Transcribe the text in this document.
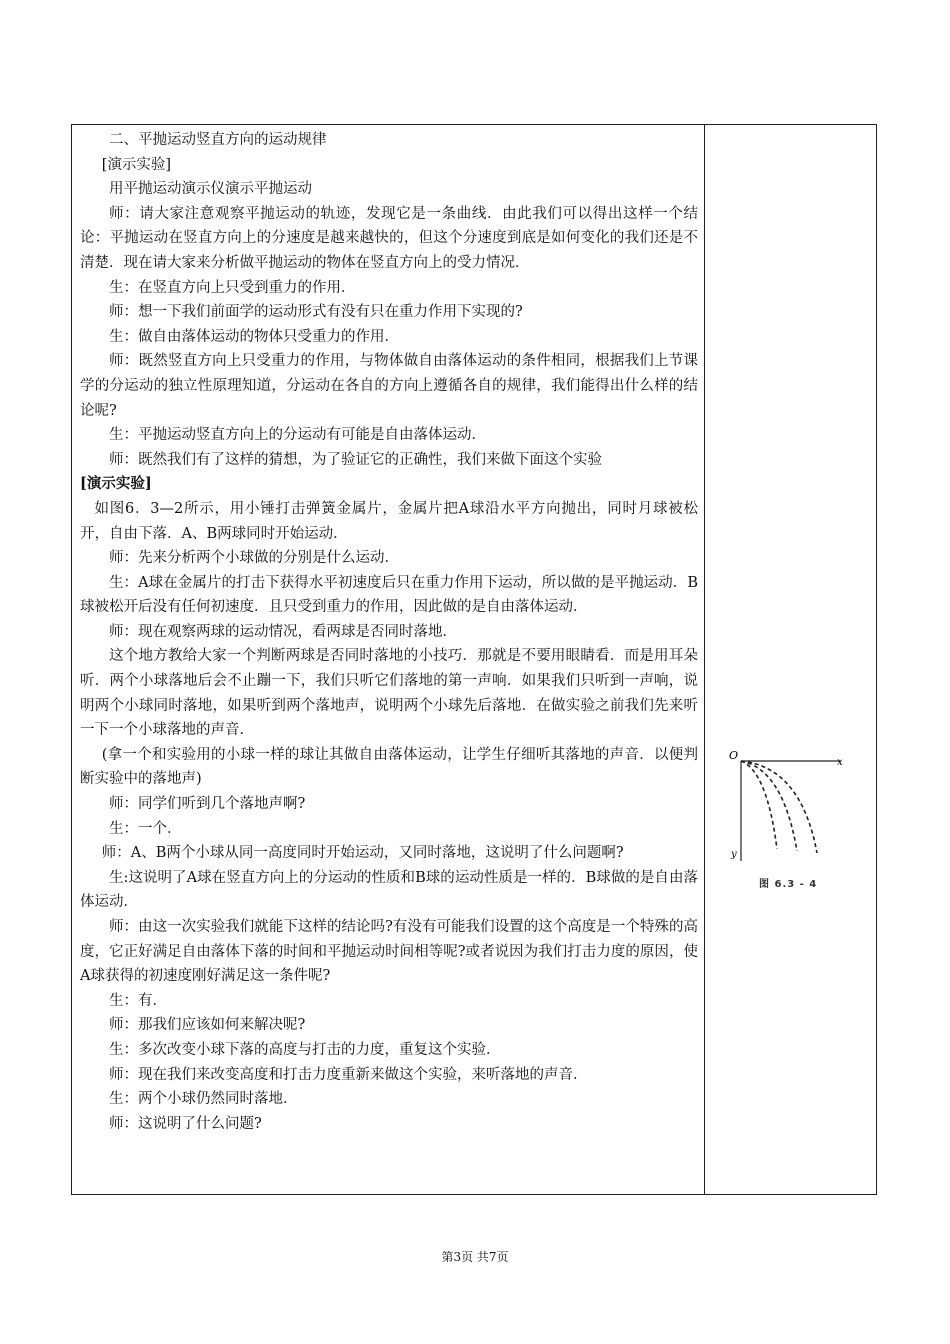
二、平抛运动竖直方向的运动规律

[演示实验]

用平抛运动演示仪演示平抛运动

师：请大家注意观察平抛运动的轨迹，发现它是一条曲线．由此我们可以得出这样一个结论：平抛运动在竖直方向上的分速度是越来越快的，但这个分速度到底是如何变化的我们还是不清楚．现在请大家来分析做平抛运动的物体在竖直方向上的受力情况．

生：在竖直方向上只受到重力的作用．

师：想一下我们前面学的运动形式有没有只在重力作用下实现的?

生：做自由落体运动的物体只受重力的作用．

师：既然竖直方向上只受重力的作用，与物体做自由落体运动的条件相同，根据我们上节课学的分运动的独立性原理知道，分运动在各自的方向上遵循各自的规律，我们能得出什么样的结论呢?

生：平抛运动竖直方向上的分运动有可能是自由落体运动．

师：既然我们有了这样的猜想，为了验证它的正确性，我们来做下面这个实验

[演示实验]

如图6．3—2所示，用小锤打击弹簧金属片，金属片把A球沿水平方向抛出，同时月球被松开，自由下落．A、B两球同时开始运动．

师：先来分析两个小球做的分别是什么运动．

生：A球在金属片的打击下获得水平初速度后只在重力作用下运动，所以做的是平抛运动．B球被松开后没有任何初速度．且只受到重力的作用，因此做的是自由落体运动．

师：现在观察两球的运动情况，看两球是否同时落地．

这个地方教给大家一个判断两球是否同时落地的小技巧．那就是不要用眼睛看．而是用耳朵听．两个小球落地后会不止蹦一下，我们只听它们落地的第一声响．如果我们只听到一声响，说明两个小球同时落地，如果听到两个落地声，说明两个小球先后落地．在做实验之前我们先来听一下一个小球落地的声音．

(拿一个和实验用的小球一样的球让其做自由落体运动，让学生仔细听其落地的声音．以便判断实验中的落地声)

师：同学们听到几个落地声啊?

生：一个．

师：A、B两个小球从同一高度同时开始运动，又同时落地，这说明了什么问题啊?

生:这说明了A球在竖直方向上的分运动的性质和B球的运动性质是一样的．B球做的是自由落体运动．

师：由这一次实验我们就能下这样的结论吗?有没有可能我们设置的这个高度是一个特殊的高度，它正好满足自由落体下落的时间和平抛运动时间相等呢?或者说因为我们打击力度的原因，使A球获得的初速度刚好满足这一条件呢?

生：有．

师：那我们应该如何来解决呢?

生：多次改变小球下落的高度与打击的力度，重复这个实验．

师：现在我们来改变高度和打击力度重新来做这个实验，来听落地的声音．

生：两个小球仍然同时落地．

师：这说明了什么问题?

O
x
y
图 6.3 - 4
第3页 共7页
